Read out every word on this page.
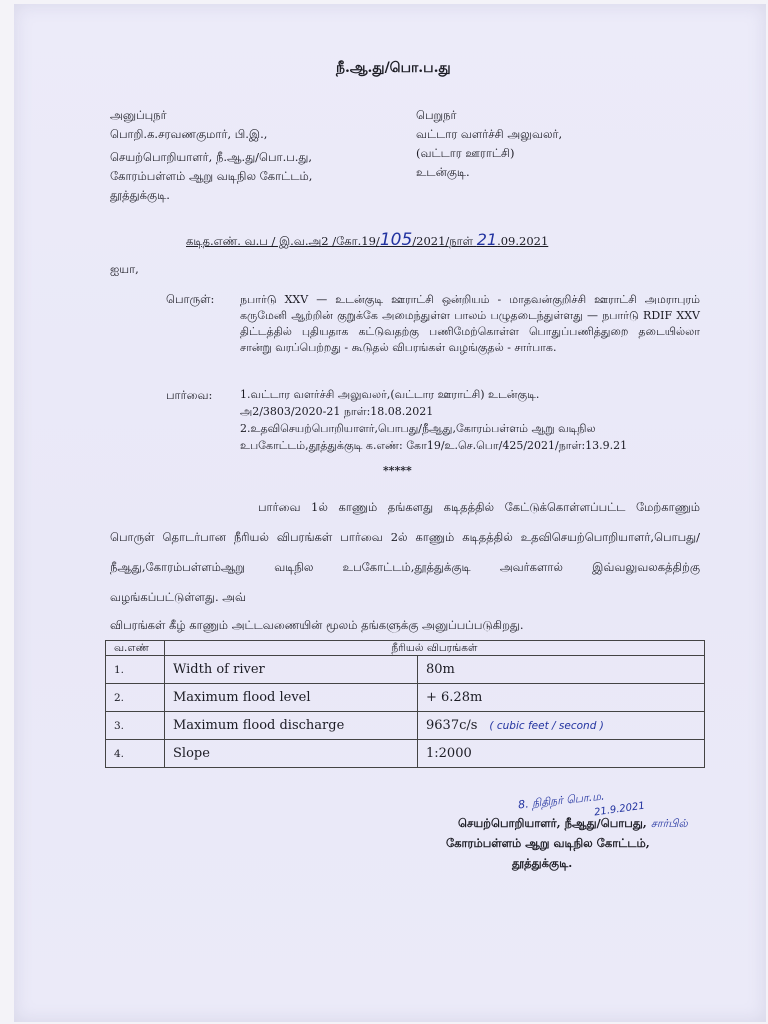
நீ.ஆ.து/பொ.ப.து
அனுப்புநர்
பொறி.க.சரவணகுமார், பி.இ.,
செயற்பொறியாளர், நீ.ஆ.து/பொ.ப.து,
கோரம்பள்ளம் ஆறு வடிநில கோட்டம்,
தூத்துக்குடி.
பெறுநர்
வட்டார வளர்ச்சி அலுவலர்,
(வட்டார ஊராட்சி)
உடன்குடி.
கடித.எண். வ.ப / இ.வ.அ2 /கோ.19/105/2021/நாள் 21.09.2021
ஐயா,
பொருள்: நபார்டு XXV — உடன்குடி ஊராட்சி ஒன்றியம் - மாதவன்குறிச்சி ஊராட்சி அமராபுரம் கருமேனி ஆற்றின் குறுக்கே அமைந்துள்ள பாலம் பழுதடைந்துள்ளது — நபார்டு RDIF XXV திட்டத்தில் புதியதாக கட்டுவதற்கு பணிமேற்கொள்ள பொதுப்பணித்துறை தடையில்லா சான்று வரப்பெற்றது - கூடுதல் விபரங்கள் வழங்குதல் - சார்பாக.
பார்வை:	1.வட்டார வளர்ச்சி அலுவலர்,(வட்டார ஊராட்சி) உடன்குடி.
அ2/3803/2020-21 நாள்:18.08.2021
2.உதவிசெயற்பொறியாளர்,பொபது/நீஆது,கோரம்பள்ளம் ஆறு வடிநில
உபகோட்டம்,தூத்துக்குடி க.எண்: கோ19/உ.செ.பொ/425/2021/நாள்:13.9.21
*****
பார்வை 1ல் காணும் தங்களது கடிதத்தில் கேட்டுக்கொள்ளப்பட்ட மேற்காணும் பொருள் தொடர்பான நீரியல் விபரங்கள் பார்வை 2ல் காணும் கடிதத்தில் உதவிசெயற்பொறியாளர்,பொபது/நீஆது,கோரம்பள்ளம்ஆறு வடிநில உபகோட்டம்,தூத்துக்குடி அவர்களால் இவ்வலுவலகத்திற்கு வழங்கப்பட்டுள்ளது. அவ்
விபரங்கள் கீழ் காணும் அட்டவணையின் மூலம் தங்களுக்கு அனுப்பப்படுகிறது.
வ.எண்	நீரியல் விபரங்கள்	
1.	Width of river	80m
2.	Maximum flood level	+ 6.28m
3.	Maximum flood discharge	9637c/s ( cubic feet / second )
4.	Slope	1:2000
8. நிதிநர் பொ.ம.
21.9.2021
செயற்பொறியாளர், நீஆது/பொபது, சார்பில்
கோரம்பள்ளம் ஆறு வடிநில கோட்டம்,
தூத்துக்குடி.
